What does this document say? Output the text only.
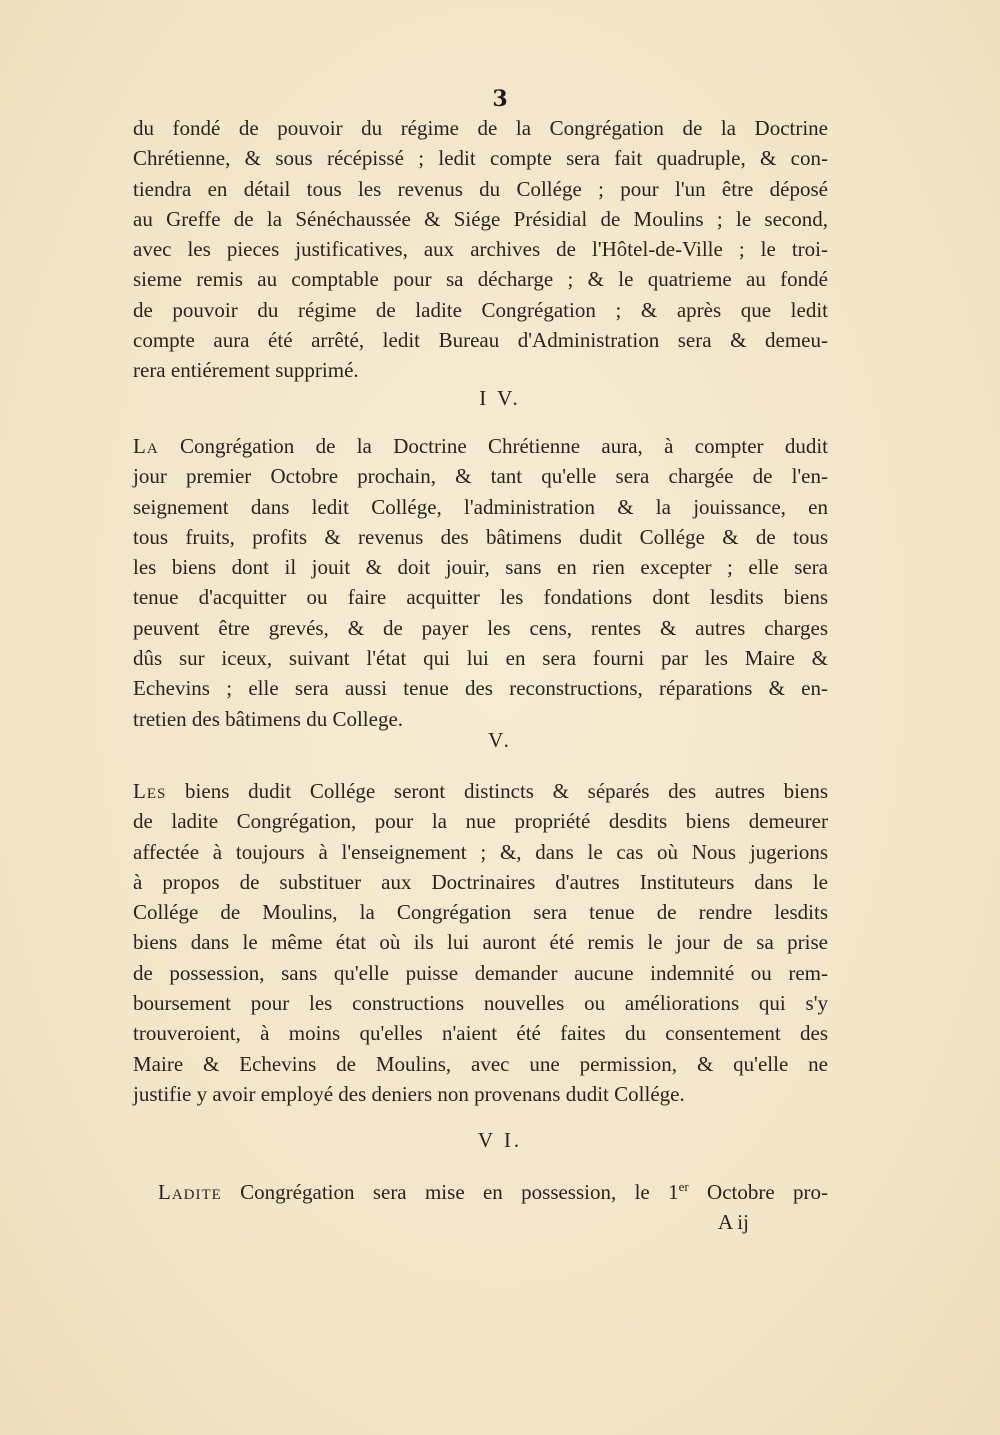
3
du fondé de pouvoir du régime de la Congrégation de la Doctrine
Chrétienne, & sous récépissé ; ledit compte sera fait quadruple, & con-
tiendra en détail tous les revenus du Collége ; pour l'un être déposé
au Greffe de la Sénéchaussée & Siége Présidial de Moulins ; le second,
avec les pieces justificatives, aux archives de l'Hôtel-de-Ville ; le troi-
sieme remis au comptable pour sa décharge ; & le quatrieme au fondé
de pouvoir du régime de ladite Congrégation ; & après que ledit
compte aura été arrêté, ledit Bureau d'Administration sera & demeu-
rera entiérement supprimé.
I V.
La Congrégation de la Doctrine Chrétienne aura, à compter dudit
jour premier Octobre prochain, & tant qu'elle sera chargée de l'en-
seignement dans ledit Collége, l'administration & la jouissance, en
tous fruits, profits & revenus des bâtimens dudit Collége & de tous
les biens dont il jouit & doit jouir, sans en rien excepter ; elle sera
tenue d'acquitter ou faire acquitter les fondations dont lesdits biens
peuvent être grevés, & de payer les cens, rentes & autres charges
dûs sur iceux, suivant l'état qui lui en sera fourni par les Maire &
Echevins ; elle sera aussi tenue des reconstructions, réparations & en-
tretien des bâtimens du College.
V.
Les biens dudit Collége seront distincts & séparés des autres biens
de ladite Congrégation, pour la nue propriété desdits biens demeurer
affectée à toujours à l'enseignement ; &, dans le cas où Nous jugerions
à propos de substituer aux Doctrinaires d'autres Instituteurs dans le
Collége de Moulins, la Congrégation sera tenue de rendre lesdits
biens dans le même état où ils lui auront été remis le jour de sa prise
de possession, sans qu'elle puisse demander aucune indemnité ou rem-
boursement pour les constructions nouvelles ou améliorations qui s'y
trouveroient, à moins qu'elles n'aient été faites du consentement des
Maire & Echevins de Moulins, avec une permission, & qu'elle ne
justifie y avoir employé des deniers non provenans dudit Collége.
V I.
Ladite Congrégation sera mise en possession, le 1er Octobre pro-
A ij
